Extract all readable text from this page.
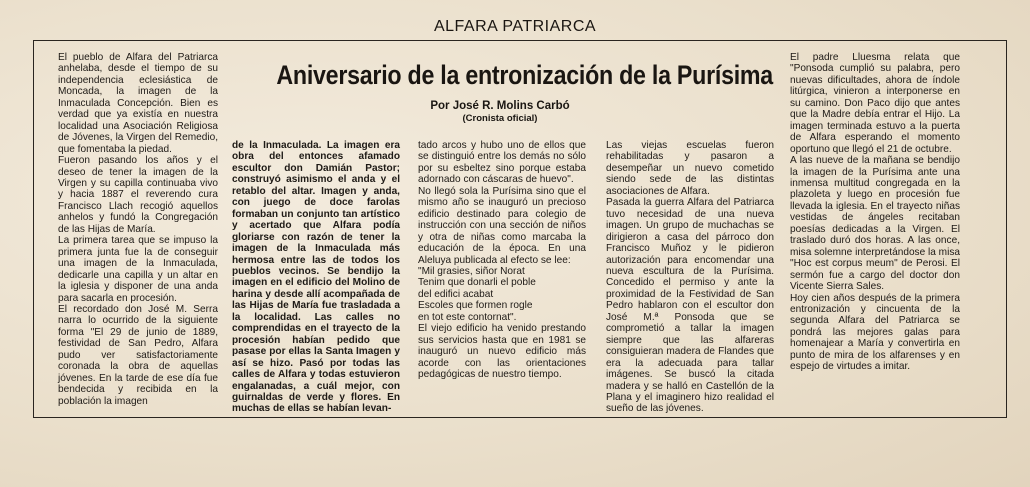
ALFARA PATRIARCA
Aniversario de la entronización de la Purísima
Por José R. Molins Carbó
(Cronista oficial)
El pueblo de Alfara del Patriarca anhelaba, desde el tiempo de su independencia eclesiástica de Moncada, la imagen de la Inmaculada Concepción. Bien es verdad que ya existía en nuestra localidad una Asociación Religiosa de Jóvenes, la Virgen del Remedio, que fomentaba la piedad.
Fueron pasando los años y el deseo de tener la imagen de la Virgen y su capilla continuaba vivo y hacia 1887 el reverendo cura Francisco Llach recogió aquellos anhelos y fundó la Congregación de las Hijas de María.
La primera tarea que se impuso la primera junta fue la de conseguir una imagen de la Inmaculada, dedicarle una capilla y un altar en la iglesia y disponer de una anda para sacarla en procesión.
El recordado don José M. Serra narra lo ocurrido de la siguiente forma "El 29 de junio de 1889, festividad de San Pedro, Alfara pudo ver satisfactoriamente coronada la obra de aquellas jóvenes. En la tarde de ese día fue bendecida y recibida en la población la imagen
de la Inmaculada. La imagen era obra del entonces afamado escultor don Damián Pastor; construyó asimismo el anda y el retablo del altar. Imagen y anda, con juego de doce farolas formaban un conjunto tan artístico y acertado que Alfara podía gloriarse con razón de tener la imagen de la Inmaculada más hermosa entre las de todos los pueblos vecinos. Se bendijo la imagen en el edificio del Molino de harina y desde allí acompañada de las Hijas de María fue trasladada a la localidad. Las calles no comprendidas en el trayecto de la procesión habían pedido que pasase por ellas la Santa Imagen y así se hizo. Pasó por todas las calles de Alfara y todas estuvieron engalanadas, a cuál mejor, con guirnaldas de verde y flores. En muchas de ellas se habían levan-
tado arcos y hubo uno de ellos que se distinguió entre los demás no sólo por su esbeltez sino porque estaba adornado con cáscaras de huevo".
No llegó sola la Purísima sino que el mismo año se inauguró un precioso edificio destinado para colegio de instrucción con una sección de niños y otra de niñas como marcaba la educación de la época. En una Aleluya publicada al efecto se lee:
"Mil grasies, siñor Norat
Tenim que donarli el poble
del edifici acabat
Escoles que formen rogle
en tot este contornat".
El viejo edificio ha venido prestando sus servicios hasta que en 1981 se inauguró un nuevo edificio más acorde con las orientaciones pedagógicas de nuestro tiempo.
Las viejas escuelas fueron rehabilitadas y pasaron a desempeñar un nuevo cometido siendo sede de las distintas asociaciones de Alfara.
Pasada la guerra Alfara del Patriarca tuvo necesidad de una nueva imagen. Un grupo de muchachas se dirigieron a casa del párroco don Francisco Muñoz y le pidieron autorización para encomendar una nueva escultura de la Purísima. Concedido el permiso y ante la proximidad de la Festividad de San Pedro hablaron con el escultor don José M.ª Ponsoda que se comprometió a tallar la imagen siempre que las alfareras consiguieran madera de Flandes que era la adecuada para tallar imágenes. Se buscó la citada madera y se halló en Castellón de la Plana y el imaginero hizo realidad el sueño de las jóvenes.
El padre Lluesma relata que "Ponsoda cumplió su palabra, pero nuevas dificultades, ahora de índole litúrgica, vinieron a interponerse en su camino. Don Paco dijo que antes que la Madre debía entrar el Hijo. La imagen terminada estuvo a la puerta de Alfara esperando el momento oportuno que llegó el 21 de octubre.
A las nueve de la mañana se bendijo la imagen de la Purísima ante una inmensa multitud congregada en la plazoleta y luego en procesión fue llevada la iglesia. En el trayecto niñas vestidas de ángeles recitaban poesías dedicadas a la Virgen. El traslado duró dos horas. A las once, misa solemne interpretándose la misa "Hoc est corpus meum" de Perosi. El sermón fue a cargo del doctor don Vicente Sierra Sales.
Hoy cien años después de la primera entronización y cincuenta de la segunda Alfara del Patriarca se pondrá las mejores galas para homenajear a María y convertirla en punto de mira de los alfarenses y en espejo de virtudes a imitar.
